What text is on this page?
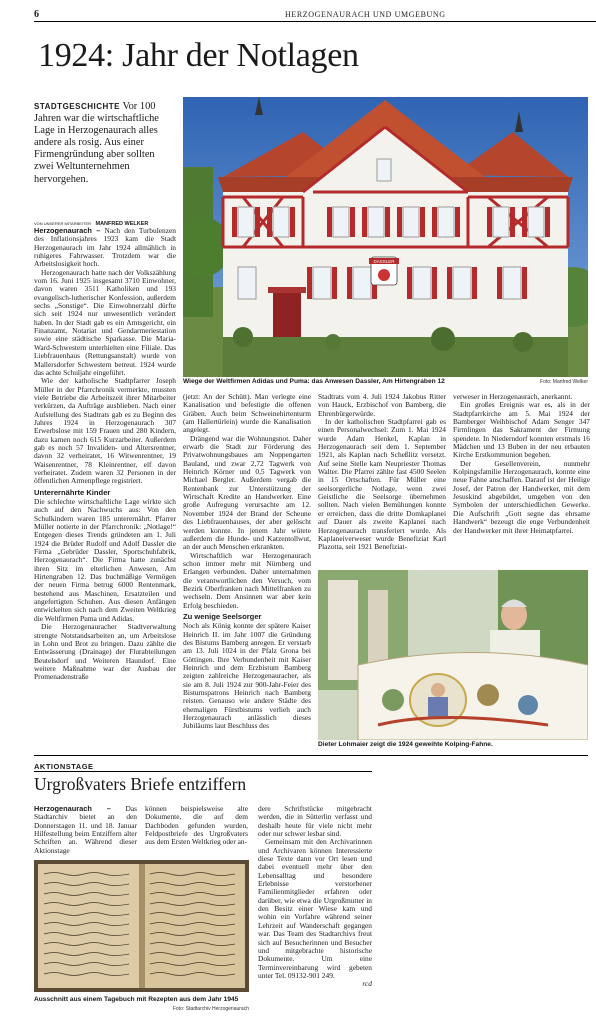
6	HERZOGENAURACH UND UMGEBUNG
1924: Jahr der Notlagen
STADTGESCHICHTE Vor 100 Jahren war die wirtschaftliche Lage in Herzogenaurach alles andere als rosig. Aus einer Firmengründung aber sollten zwei Weltunternehmen hervorgehen.
VON UNSERER MITARBEITER MANFRED WELKER
DASSLER
Wiege der Weltfirmen Adidas und Puma: das Anwesen Dassler, Am Hirtengraben 12	Foto: Manfred Welker

Herzogenaurach – Nach den Turbulenzen des Inflationsjahres 1923 kam die Stadt Herzogenaurach im Jahr 1924 allmählich in ruhigeres Fahrwasser. Trotzdem war die Arbeitslosigkeit hoch.

Herzogenaurach hatte nach der Volkszählung vom 16. Juni 1925 insgesamt 3710 Einwohner, davon waren 3511 Katholiken und 193 evangelisch-lutherischer Konfession, außerdem sechs „Sonstige“. Die Einwohnerzahl dürfte sich seit 1924 nur unwesentlich verändert haben. In der Stadt gab es ein Amtsgericht, ein Finanzamt, Notariat und Gendarmeriestation sowie eine städtische Sparkasse. Die Maria-Ward-Schwestern unterhielten eine Filiale. Das Liebfrauenhaus (Rettungsanstalt) wurde von Mallersdorfer Schwestern betreut. 1924 wurde das achte Schuljahr eingeführt.

Wie der katholische Stadtpfarrer Joseph Müller in der Pfarrchronik vermerkte, mussten viele Betriebe die Arbeitszeit ihrer Mitarbeiter verkürzen, da Aufträge ausblieben. Nach einer Aufstellung des Stadtrats gab es zu Beginn des Jahres 1924 in Herzogenaurach 307 Erwerbslose mit 159 Frauen und 280 Kindern, dazu kamen noch 615 Kurzarbeiter. Außerdem gab es noch 57 Invaliden- und Altersrentner, davon 32 verheiratet, 16 Witwenrentner, 19 Waisenrentner, 78 Kleinrentner, elf davon verheiratet. Zudem waren 32 Personen in der öffentlichen Armenpflege registriert.

Unterernährte Kinder

Die schlechte wirtschaftliche Lage wirkte sich auch auf den Nachwuchs aus: Von den Schulkindern waren 185 unterernährt. Pfarrer Müller notierte in der Pfarrchronik: „Notlage!“ Entgegen dieses Trends gründeten am 1. Juli 1924 die Brüder Rudolf und Adolf Dassler die Firma „Gebrüder Dassler, Sportschuhfabrik, Herzogenaurach“. Die Firma hatte zunächst ihren Sitz im elterlichen Anwesen, Am Hirtengraben 12. Das buchmäßige Vermögen der neuen Firma betrug 6000 Rentenmark, bestehend aus Maschinen, Ersatzteilen und angefertigten Schuhen. Aus diesen Anfängen entwickelten sich nach dem Zweiten Weltkrieg die Weltfirmen Puma und Adidas.

Die Herzogenauracher Stadtverwaltung strengte Notstandsarbeiten an, um Arbeitslose in Lohn und Brot zu bringen. Dazu zählte die Entwässerung (Drainage) der Flurabteilungen Beutelsdorf und Weiteren Haundorf. Eine weitere Maßnahme war der Ausbau der Promenadenstraße

(jetzt: An der Schütt). Man verlegte eine Kanalisation und befestigte die offenen Gräben. Auch beim Schweinehirtenturm (am Hallertürlein) wurde die Kanalisation angelegt.

Drängend war die Wohnungsnot. Daher erwarb die Stadt zur Förderung des Privatwohnungsbaues am Noppengarten Bauland, und zwar 2,72 Tagwerk von Heinrich Körner und 0,5 Tagwerk von Michael Bergler. Außerdem vergab die Rentenbank zur Unterstützung der Wirtschaft Kredite an Handwerker. Eine große Aufregung verursachte am 12. November 1924 der Brand der Scheune des Liebfrauenhauses, der aber gelöscht werden konnte. In jenem Jahr wütete außerdem die Hunde- und Katzentollwut, an der auch Menschen erkrankten.

Wirtschaftlich war Herzogenaurach schon immer mehr mit Nürnberg und Erlangen verbunden. Daher unternahmen die verantwortlichen den Versuch, vom Bezirk Oberfranken nach Mittelfranken zu wechseln. Dem Ansinnen war aber kein Erfolg beschieden.

Zu wenige Seelsorger

Noch als König konnte der spätere Kaiser Heinrich II. im Jahr 1007 die Gründung des Bistums Bamberg anregen. Er verstarb am 13. Juli 1024 in der Pfalz Grona bei Göttingen. Ihre Verbundenheit mit Kaiser Heinrich und dem Erzbistum Bamberg zeigten zahlreiche Herzogenauracher, als sie am 8. Juli 1924 zur 900-Jahr-Feier des Bistumspatrons Heinrich nach Bamberg reisten. Genauso wie andere Städte des ehemaligen Fürstbistums verlieh auch Herzogenaurach anlässlich dieses Jubiläums laut Beschluss des

Stadtrats vom 4. Juli 1924 Jakobus Ritter von Hauck, Erzbischof von Bamberg, die Ehrenbürgerwürde.

In der katholischen Stadtpfarrei gab es einen Personalwechsel: Zum 1. Mai 1924 wurde Adam Henkel, Kaplan in Herzogenaurach seit dem 1. September 1921, als Kaplan nach Scheßlitz versetzt. Auf seine Stelle kam Neupriester Thomas Walter. Die Pfarrei zählte fast 4500 Seelen in 15 Ortschaften. Für Müller eine seelsorgerliche Notlage, wenn zwei Geistliche die Seelsorge übernehmen sollten. Nach vielen Bemühungen konnte er erreichen, dass die dritte Domkaplanei auf Dauer als zweite Kaplanei nach Herzogenaurach transferiert wurde. Als Kaplaneiverweser wurde Benefiziat Karl Plazotta, seit 1921 Benefiziat-

verweser in Herzogenaurach, anerkannt.

Ein großes Ereignis war es, als in der Stadtpfarrkirche am 5. Mai 1924 der Bamberger Weihbischof Adam Senger 347 Firmlingen das Sakrament der Firmung spendete. In Niederndorf konnten erstmals 16 Mädchen und 13 Buben in der neu erbauten Kirche Erstkommunion begehen.

Der Gesellenverein, nunmehr Kolpingsfamilie Herzogenaurach, konnte eine neue Fahne anschaffen. Darauf ist der Heilige Josef, der Patron der Handwerker, mit dem Jesuskind abgebildet, umgeben von den Symbolen der unterschiedlichen Gewerke. Die Aufschrift „Gott segne das ehrsame Handwerk“ bezeugt die enge Verbundenheit der Handwerker mit ihrer Heimatpfarrei.

Dieter Lohmaier zeigt die 1924 geweihte Kolping-Fahne.
AKTIONSTAGE
Urgroßvaters Briefe entziffern

Herzogenaurach – Das Stadtarchiv bietet an den Donnerstagen 11. und 18. Januar Hilfestellung beim Entziffern alter Schriften an. Während dieser Aktionstage

können beispielsweise alte Dokumente, die auf dem Dachboden gefunden wurden, Feldpostbriefe des Urgroßvaters aus dem Ersten Weltkrieg oder an-

dere Schriftstücke mitgebracht werden, die in Sütterlin verfasst und deshalb heute für viele nicht mehr oder nur schwer lesbar sind.

Gemeinsam mit den Archivarinnen und Archivaren können Interessierte diese Texte dann vor Ort lesen und dabei eventuell mehr über den Lebensalltag und besondere Erlebnisse verstorbener Familienmitglieder erfahren oder darüber, wie etwa die Urgroßmutter in den Besitz einer Wiese kam und wohin ein Vorfahre während seiner Lehrzeit auf Wanderschaft gegangen war. Das Team des Stadtarchivs freut sich auf Besucherinnen und Besucher und mitgebrachte historische Dokumente. Um eine Terminvereinbarung wird gebeten unter Tel. 09132-901 249.

rcd
Ausschnitt aus einem Tagebuch mit Rezepten aus dem Jahr 1945
Foto: Stadtarchiv Herzogenaurach
